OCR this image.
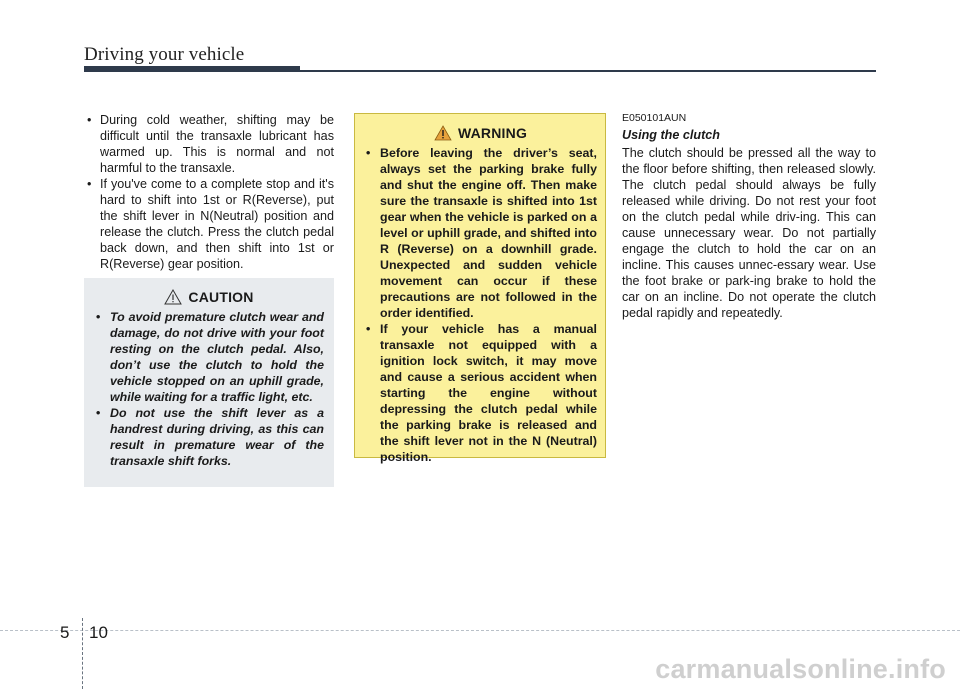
Driving your vehicle
• During cold weather, shifting may be difficult until the transaxle lubricant has warmed up. This is normal and not harmful to the transaxle.
• If you've come to a complete stop and it's hard to shift into 1st or R(Reverse), put the shift lever in N(Neutral) position and release the clutch. Press the clutch pedal back down, and then shift into 1st or R(Reverse) gear position.
CAUTION
• To avoid premature clutch wear and damage, do not drive with your foot resting on the clutch pedal. Also, don’t use the clutch to hold the vehicle stopped on an uphill grade, while waiting for a traffic light, etc.
• Do not use the shift lever as a handrest during driving, as this can result in premature wear of the transaxle shift forks.
WARNING
• Before leaving the driver’s seat, always set the parking brake fully and shut the engine off. Then make sure the transaxle is shifted into 1st gear when the vehicle is parked on a level or uphill grade, and shifted into R (Reverse) on a downhill grade. Unexpected and sudden vehicle movement can occur if these precautions are not followed in the order identified.
• If your vehicle has a manual transaxle not equipped with a ignition lock switch, it may move and cause a serious accident when starting the engine without depressing the clutch pedal while the parking brake is released and the shift lever not in the N (Neutral) position.
E050101AUN
Using the clutch
The clutch should be pressed all the way to the floor before shifting, then released slowly. The clutch pedal should always be fully released while driving. Do not rest your foot on the clutch pedal while driv-ing. This can cause unnecessary wear. Do not partially engage the clutch to hold the car on an incline. This causes unnec-essary wear. Use the foot brake or park-ing brake to hold the car on an incline. Do not operate the clutch pedal rapidly and repeatedly.
5 10
carmanualsonline.info
